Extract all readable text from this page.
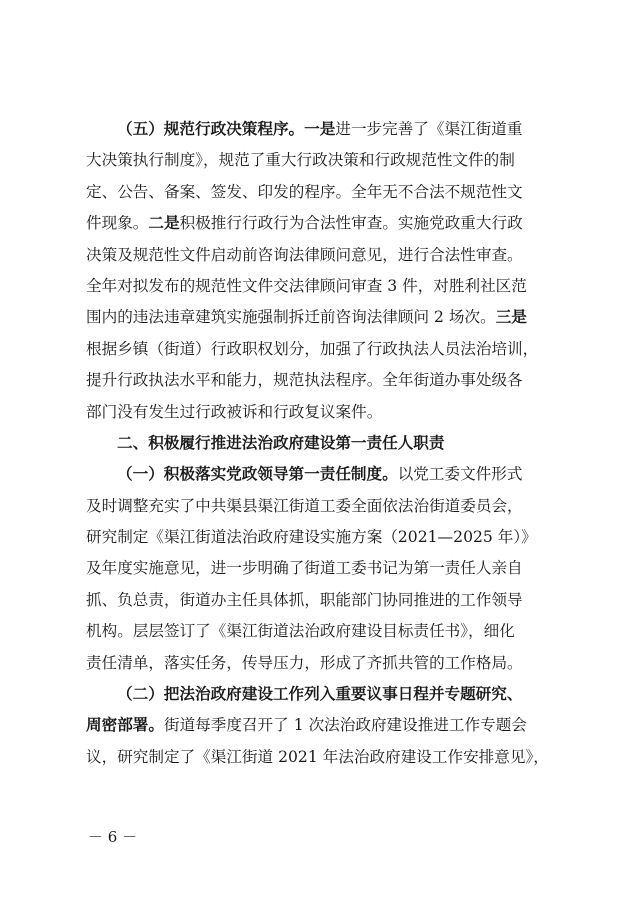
（五）规范行政决策程序。一是进一步完善了《渠江街道重
大决策执行制度》，规范了重大行政决策和行政规范性文件的制
定、公告、备案、签发、印发的程序。全年无不合法不规范性文
件现象。二是积极推行行政行为合法性审查。实施党政重大行政
决策及规范性文件启动前咨询法律顾问意见，进行合法性审查。
全年对拟发布的规范性文件交法律顾问审查 3 件，对胜利社区范
围内的违法违章建筑实施强制拆迁前咨询法律顾问 2 场次。三是
根据乡镇（街道）行政职权划分，加强了行政执法人员法治培训，
提升行政执法水平和能力，规范执法程序。全年街道办事处级各
部门没有发生过行政被诉和行政复议案件。
二、积极履行推进法治政府建设第一责任人职责
（一）积极落实党政领导第一责任制度。以党工委文件形式
及时调整充实了中共渠县渠江街道工委全面依法治街道委员会，
研究制定《渠江街道法治政府建设实施方案（2021—2025 年）》
及年度实施意见，进一步明确了街道工委书记为第一责任人亲自
抓、负总责，街道办主任具体抓，职能部门协同推进的工作领导
机构。层层签订了《渠江街道法治政府建设目标责任书》，细化
责任清单，落实任务，传导压力，形成了齐抓共管的工作格局。
（二）把法治政府建设工作列入重要议事日程并专题研究、
周密部署。街道每季度召开了 1 次法治政府建设推进工作专题会
议，研究制定了《渠江街道 2021 年法治政府建设工作安排意见》，
－ 6 －
